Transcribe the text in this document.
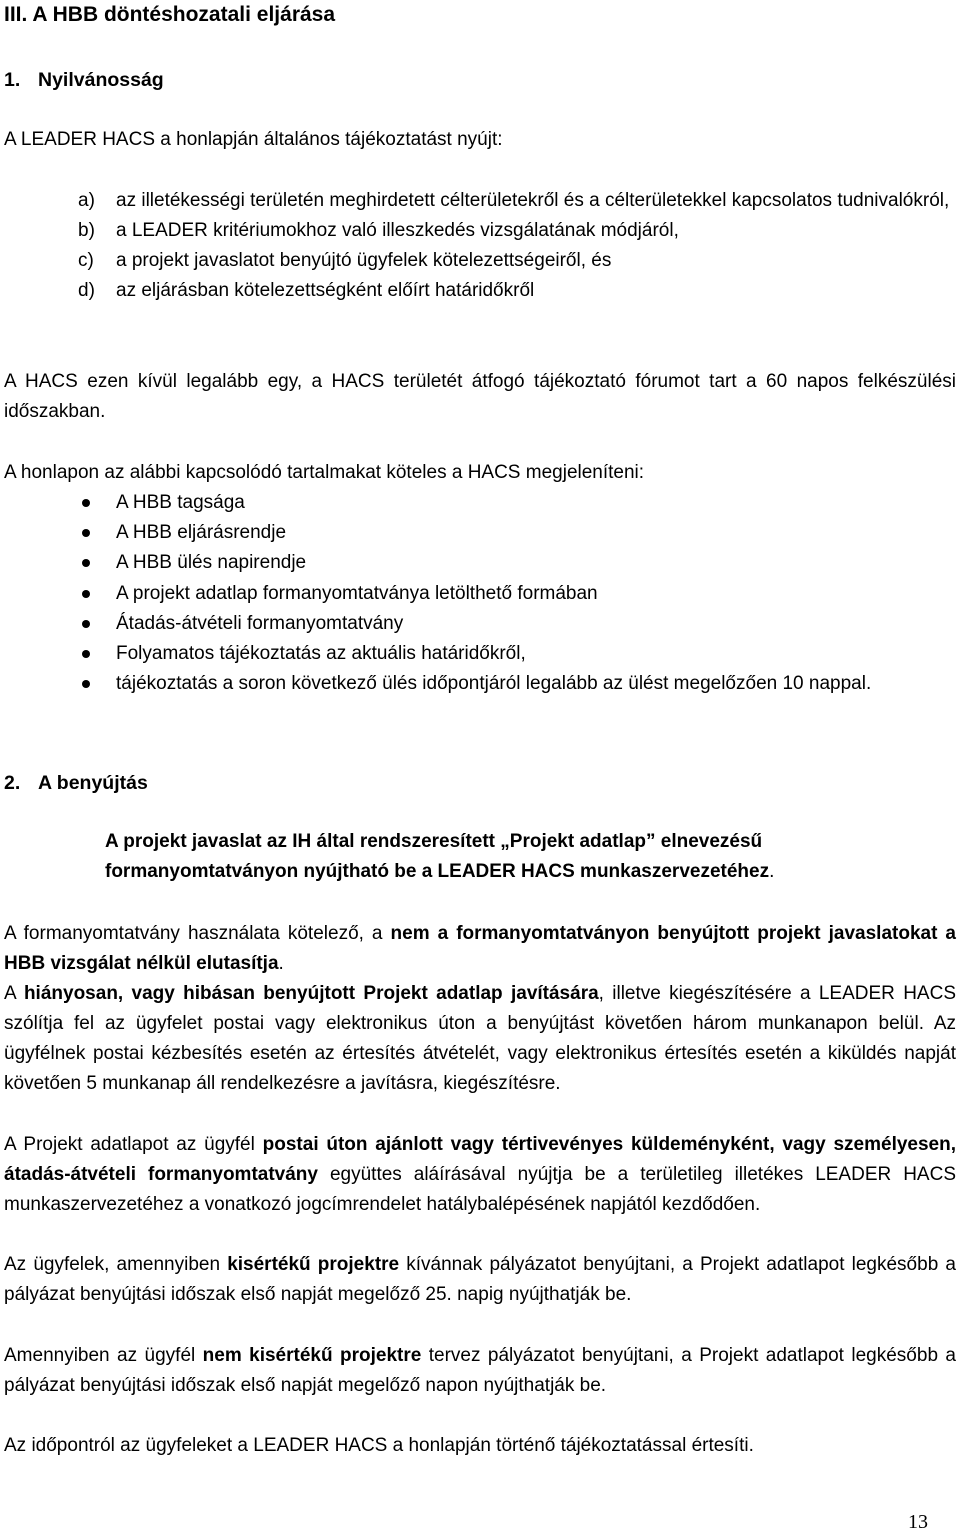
III. A HBB döntéshozatali eljárása
1. Nyilvánosság
A LEADER HACS a honlapján általános tájékoztatást nyújt:
a) az illetékességi területén meghirdetett célterületekről és a célterületekkel kapcsolatos tudnivalókról,
b) a LEADER kritériumokhoz való illeszkedés vizsgálatának módjáról,
c) a projekt javaslatot benyújtó ügyfelek kötelezettségeiről, és
d) az eljárásban kötelezettségként előírt határidőkről
A HACS ezen kívül legalább egy, a HACS területét átfogó tájékoztató fórumot tart a 60 napos felkészülési időszakban.
A honlapon az alábbi kapcsolódó tartalmakat köteles a HACS megjeleníteni:
A HBB tagsága
A HBB eljárásrendje
A HBB ülés napirendje
A projekt adatlap formanyomtatványa letölthető formában
Átadás-átvételi formanyomtatvány
Folyamatos tájékoztatás az aktuális határidőkről,
tájékoztatás a soron következő ülés időpontjáról legalább az ülést megelőzően 10 nappal.
2. A benyújtás
A projekt javaslat az IH által rendszeresített „Projekt adatlap” elnevezésű formanyomtatványon nyújtható be a LEADER HACS munkaszervezetéhez.
A formanyomtatvány használata kötelező, a nem a formanyomtatványon benyújtott projekt javaslatokat a HBB vizsgálat nélkül elutasítja.
A hiányosan, vagy hibásan benyújtott Projekt adatlap javítására, illetve kiegészítésére a LEADER HACS szólítja fel az ügyfelet postai vagy elektronikus úton a benyújtást követően három munkanapon belül. Az ügyfélnek postai kézbesítés esetén az értesítés átvételét, vagy elektronikus értesítés esetén a kiküldés napját követően 5 munkanap áll rendelkezésre a javításra, kiegészítésre.
A Projekt adatlapot az ügyfél postai úton ajánlott vagy tértivevényes küldeményként, vagy személyesen, átadás-átvételi formanyomtatvány együttes aláírásával nyújtja be a területileg illetékes LEADER HACS munkaszervezetéhez a vonatkozó jogcímrendelet hatálybalépésének napjától kezdődően.
Az ügyfelek, amennyiben kisértékű projektre kívánnak pályázatot benyújtani, a Projekt adatlapot legkésőbb a pályázat benyújtási időszak első napját megelőző 25. napig nyújthatják be.
Amennyiben az ügyfél nem kisértékű projektre tervez pályázatot benyújtani, a Projekt adatlapot legkésőbb a pályázat benyújtási időszak első napját megelőző napon nyújthatják be.
Az időpontról az ügyfeleket a LEADER HACS a honlapján történő tájékoztatással értesíti.
13
